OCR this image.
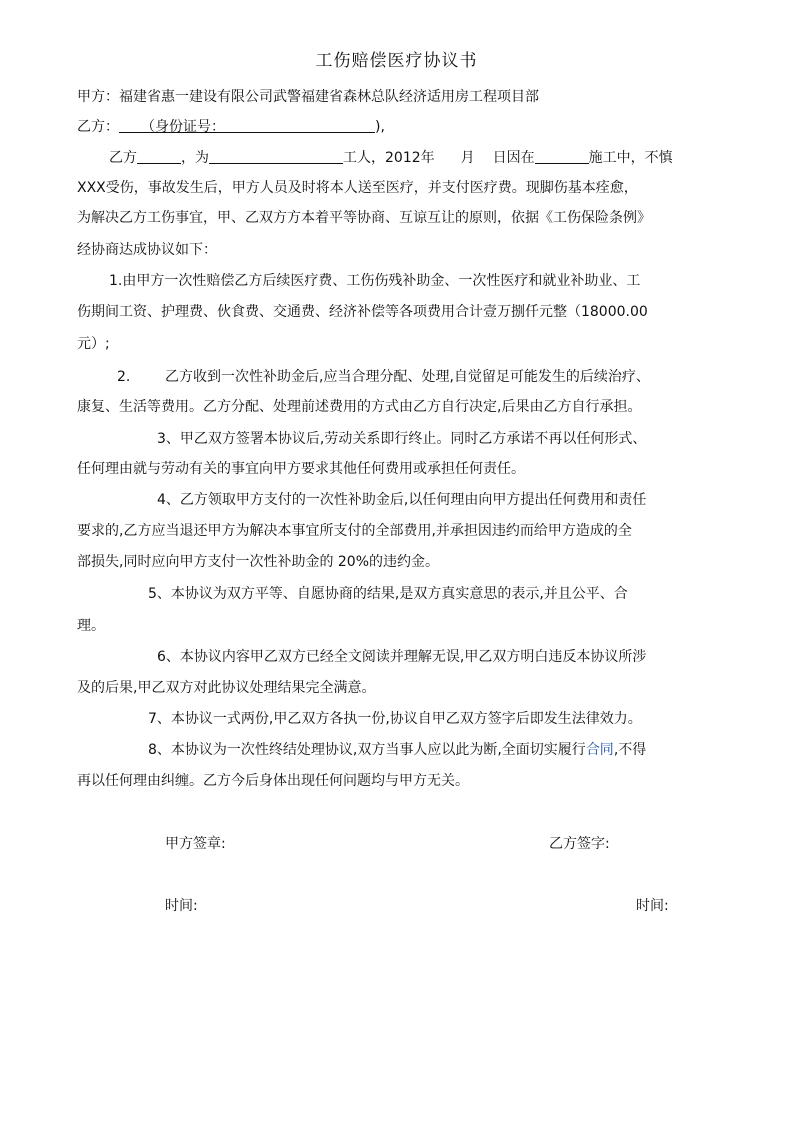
工伤赔偿医疗协议书
甲方：福建省惠一建设有限公司武警福建省森林总队经济适用房工程项目部
乙方： （身份证号：	),
乙方	，为	工人，2012年 月 日因在	施工中，不慎
XXX受伤，事故发生后，甲方人员及时将本人送至医疗，并支付医疗费。现脚伤基本痊愈，
为解决乙方工伤事宜，甲、乙双方方本着平等协商、互谅互让的原则，依据《工伤保险条例》
经协商达成协议如下：
1.由甲方一次性赔偿乙方后续医疗费、工伤伤残补助金、一次性医疗和就业补助业、工
伤期间工资、护理费、伙食费、交通费、经济补偿等各项费用合计壹万捌仟元整（18000.00
元）;
2. 乙方收到一次性补助金后,应当合理分配、处理,自觉留足可能发生的后续治疗、
康复、生活等费用。乙方分配、处理前述费用的方式由乙方自行决定,后果由乙方自行承担。
3、甲乙双方签署本协议后,劳动关系即行终止。同时乙方承诺不再以任何形式、
任何理由就与劳动有关的事宜向甲方要求其他任何费用或承担任何责任。
4、乙方领取甲方支付的一次性补助金后,以任何理由向甲方提出任何费用和责任
要求的,乙方应当退还甲方为解决本事宜所支付的全部费用,并承担因违约而给甲方造成的全
部损失,同时应向甲方支付一次性补助金的 20%的违约金。
5、本协议为双方平等、自愿协商的结果,是双方真实意思的表示,并且公平、合
理。
6、本协议内容甲乙双方已经全文阅读并理解无误,甲乙双方明白违反本协议所涉
及的后果,甲乙双方对此协议处理结果完全满意。
7、本协议一式两份,甲乙双方各执一份,协议自甲乙双方签字后即发生法律效力。
8、本协议为一次性终结处理协议,双方当事人应以此为断,全面切实履行合同,不得
再以任何理由纠缠。乙方今后身体出现任何问题均与甲方无关。
甲方签章:	乙方签字:
时间:	时间:
